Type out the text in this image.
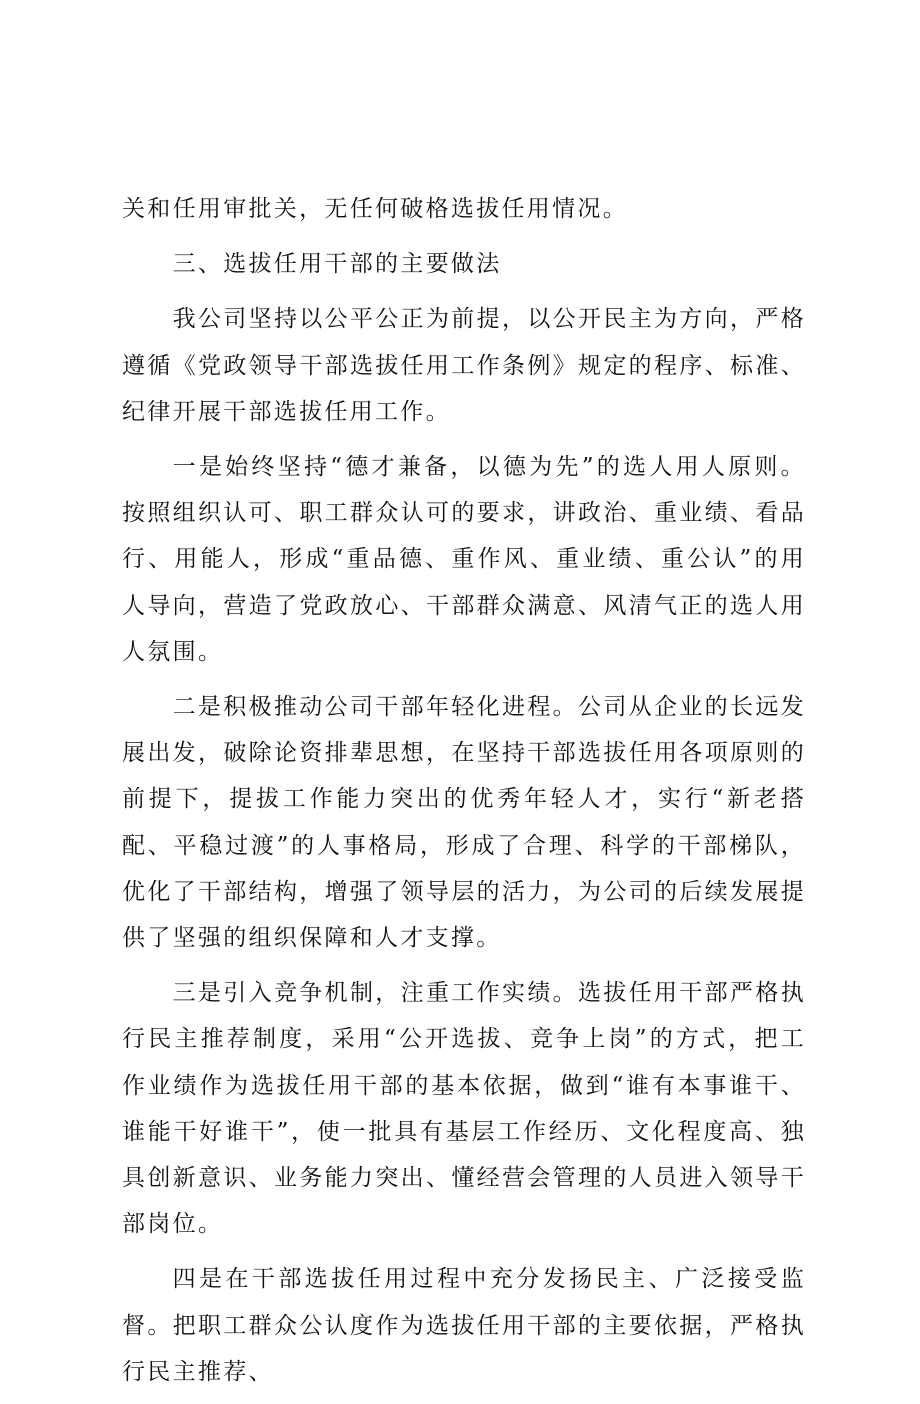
关和任用审批关，无任何破格选拔任用情况。

三、选拔任用干部的主要做法

我公司坚持以公平公正为前提，以公开民主为方向，严格遵循《党政领导干部选拔任用工作条例》规定的程序、标准、纪律开展干部选拔任用工作。

一是始终坚持“德才兼备，以德为先”的选人用人原则。按照组织认可、职工群众认可的要求，讲政治、重业绩、看品行、用能人，形成“重品德、重作风、重业绩、重公认”的用人导向，营造了党政放心、干部群众满意、风清气正的选人用人氛围。

二是积极推动公司干部年轻化进程。公司从企业的长远发展出发，破除论资排辈思想，在坚持干部选拔任用各项原则的前提下，提拔工作能力突出的优秀年轻人才，实行“新老搭配、平稳过渡”的人事格局，形成了合理、科学的干部梯队，优化了干部结构，增强了领导层的活力，为公司的后续发展提供了坚强的组织保障和人才支撑。

三是引入竞争机制，注重工作实绩。选拔任用干部严格执行民主推荐制度，采用“公开选拔、竞争上岗”的方式，把工作业绩作为选拔任用干部的基本依据，做到“谁有本事谁干、谁能干好谁干”，使一批具有基层工作经历、文化程度高、独具创新意识、业务能力突出、懂经营会管理的人员进入领导干部岗位。

四是在干部选拔任用过程中充分发扬民主、广泛接受监督。把职工群众公认度作为选拔任用干部的主要依据，严格执行民主推荐、
